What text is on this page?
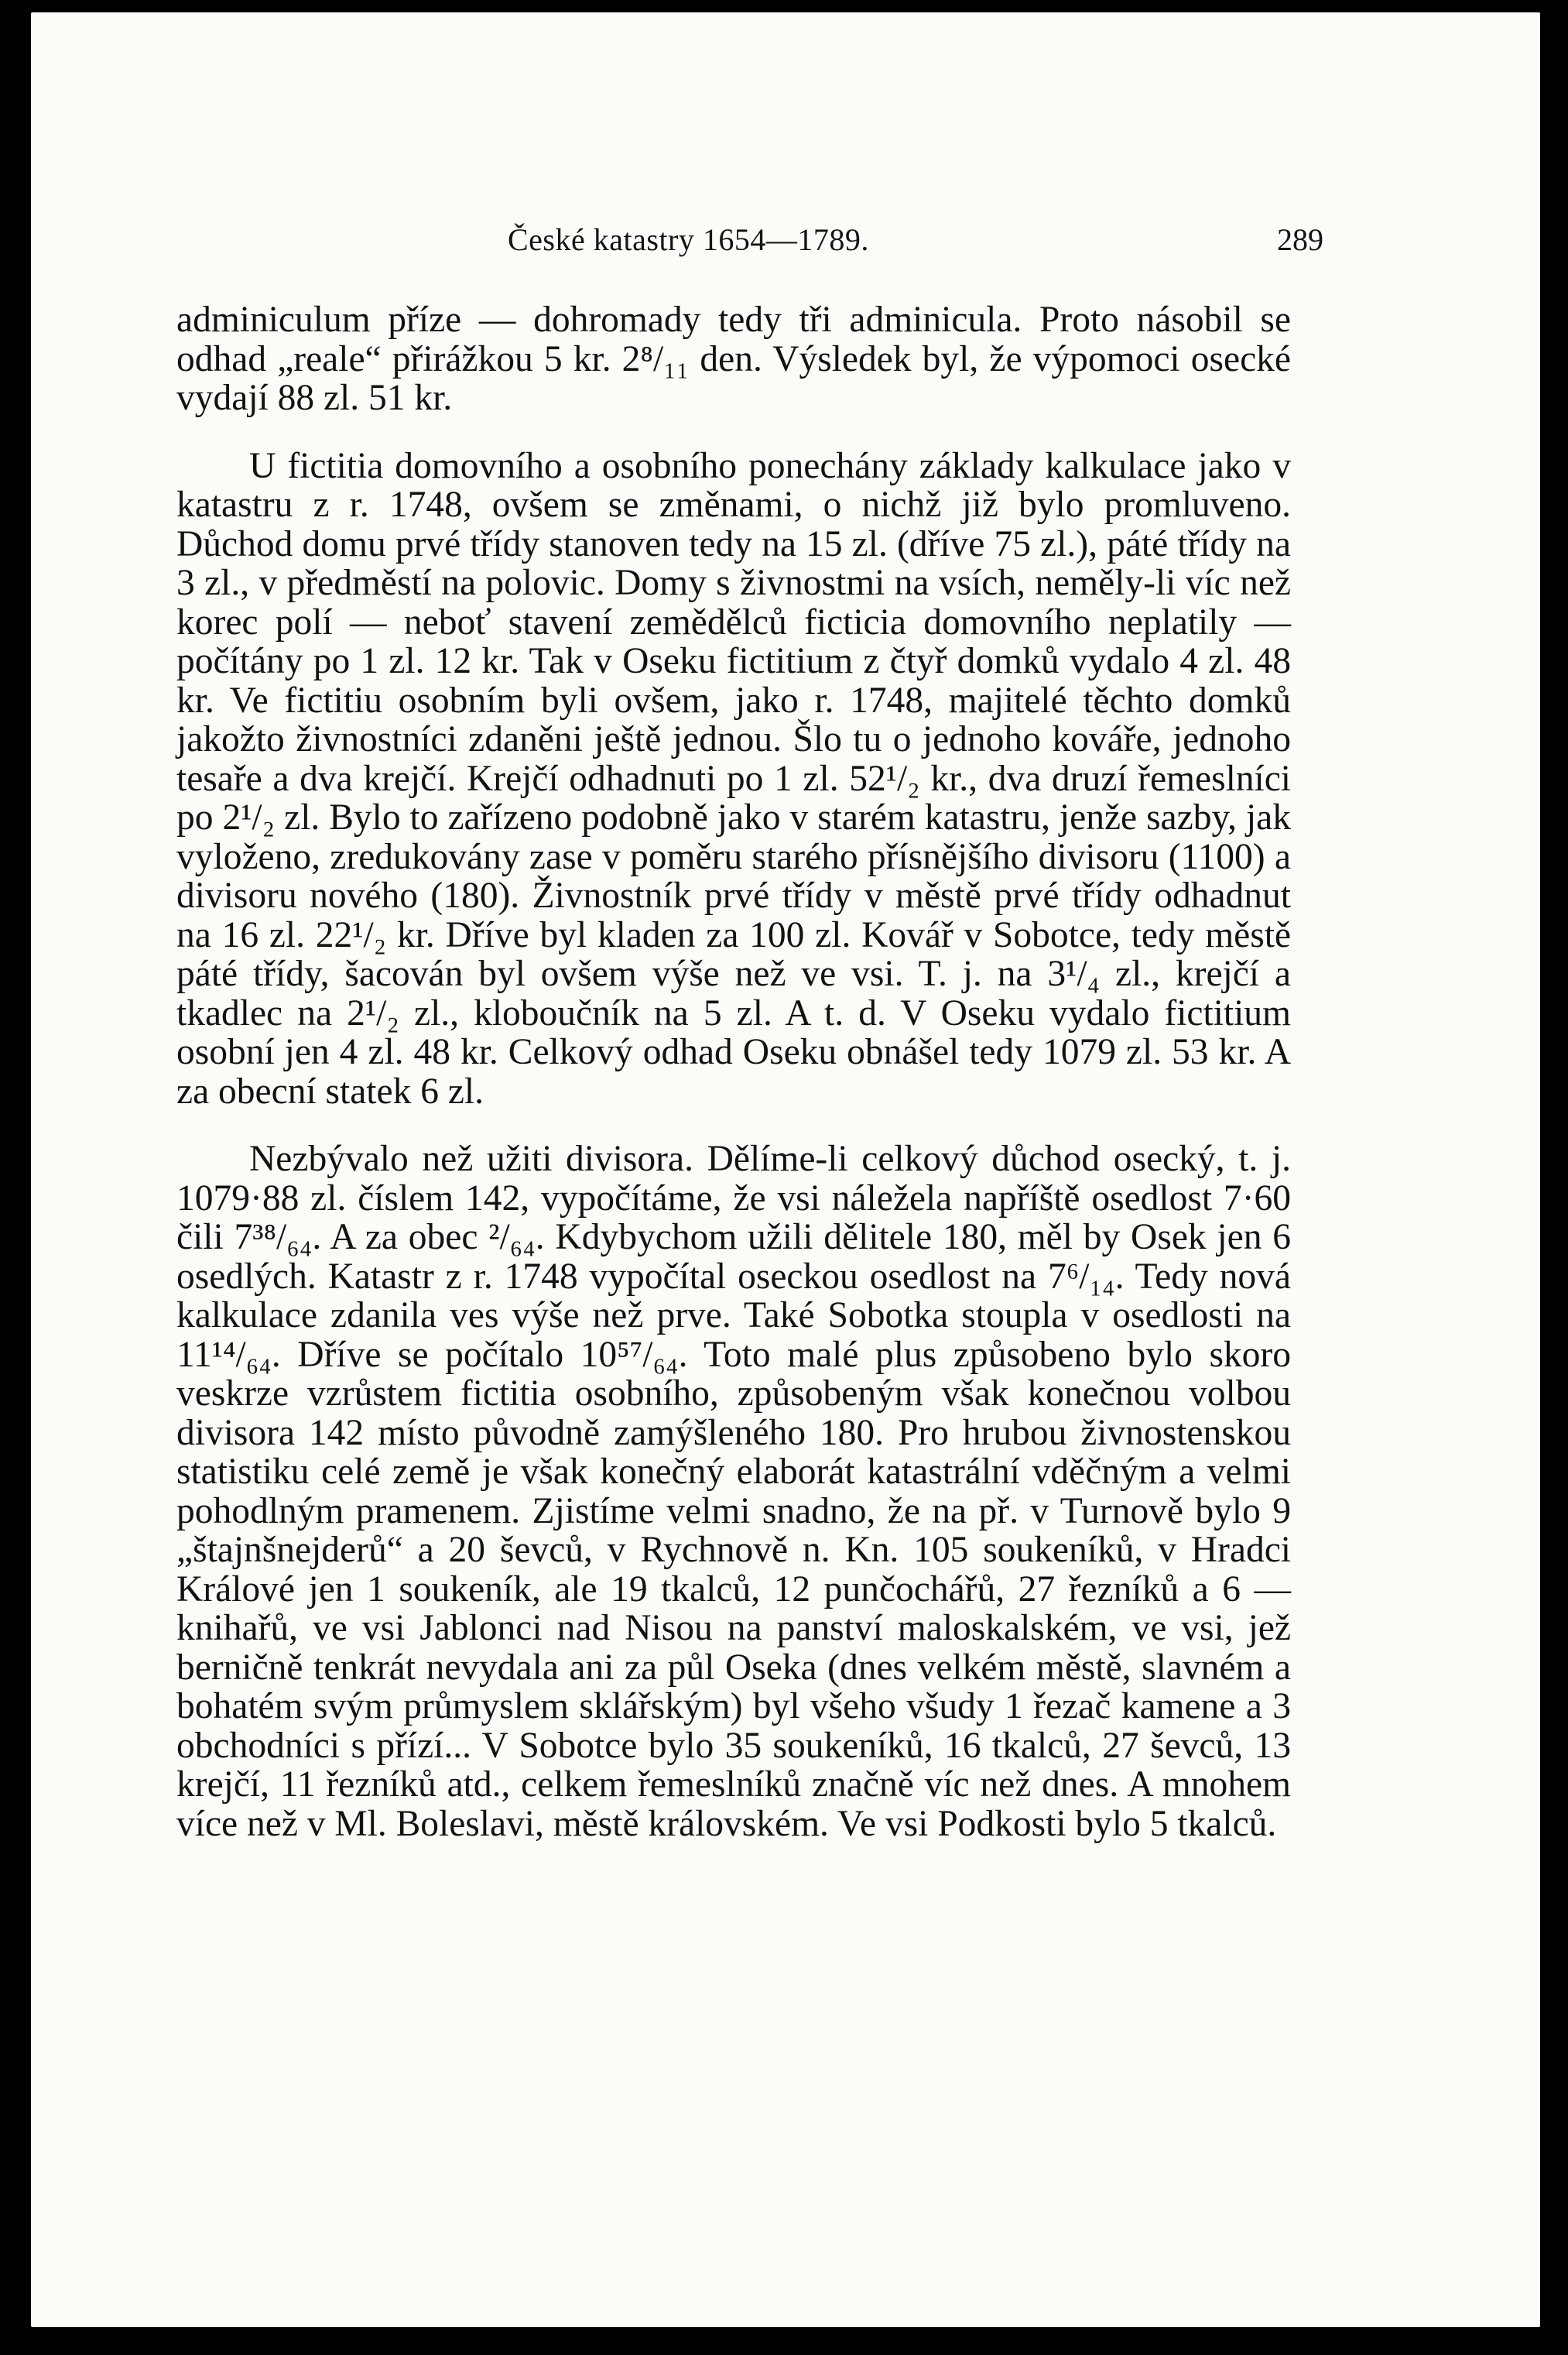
České katastry 1654—1789.	289

adminiculum příze — dohromady tedy tři adminicula. Proto násobil se odhad „reale“ přirážkou 5 kr. 2⁸/₁₁ den. Výsledek byl, že výpomoci osecké vydají 88 zl. 51 kr.

U fictitia domovního a osobního ponechány základy kalkulace jako v katastru z r. 1748, ovšem se změnami, o nichž již bylo promluveno. Důchod domu prvé třídy stanoven tedy na 15 zl. (dříve 75 zl.), páté třídy na 3 zl., v předměstí na polovic. Domy s živnostmi na vsích, neměly-li víc než korec polí — neboť stavení zemědělců ficticia domovního neplatily — počítány po 1 zl. 12 kr. Tak v Oseku fictitium z čtyř domků vydalo 4 zl. 48 kr. Ve fictitiu osobním byli ovšem, jako r. 1748, majitelé těchto domků jakožto živnostníci zdaněni ještě jednou. Šlo tu o jednoho kováře, jednoho tesaře a dva krejčí. Krejčí odhadnuti po 1 zl. 52¹/₂ kr., dva druzí řemeslníci po 2¹/₂ zl. Bylo to zařízeno podobně jako v starém katastru, jenže sazby, jak vyloženo, zredukovány zase v poměru starého přísnějšího divisoru (1100) a divisoru nového (180). Živnostník prvé třídy v městě prvé třídy odhadnut na 16 zl. 22¹/₂ kr. Dříve byl kladen za 100 zl. Kovář v Sobotce, tedy městě páté třídy, šacován byl ovšem výše než ve vsi. T. j. na 3¹/₄ zl., krejčí a tkadlec na 2¹/₂ zl., kloboučník na 5 zl. A t. d. V Oseku vydalo fictitium osobní jen 4 zl. 48 kr. Celkový odhad Oseku obnášel tedy 1079 zl. 53 kr. A za obecní statek 6 zl.

Nezbývalo než užiti divisora. Dělíme-li celkový důchod osecký, t. j. 1079·88 zl. číslem 142, vypočítáme, že vsi náležela napříště osedlost 7·60 čili 7³⁸/₆₄. A za obec ²/₆₄. Kdybychom užili dělitele 180, měl by Osek jen 6 osedlých. Katastr z r. 1748 vypočítal oseckou osedlost na 7⁶/₁₄. Tedy nová kalkulace zdanila ves výše než prve. Také Sobotka stoupla v osedlosti na 11¹⁴/₆₄. Dříve se počítalo 10⁵⁷/₆₄. Toto malé plus způsobeno bylo skoro veskrze vzrůstem fictitia osobního, způsobeným však konečnou volbou divisora 142 místo původně zamýšleného 180. Pro hrubou živnostenskou statistiku celé země je však konečný elaborát katastrální vděčným a velmi pohodlným pramenem. Zjistíme velmi snadno, že na př. v Turnově bylo 9 „štajnšnejderů“ a 20 ševců, v Rychnově n. Kn. 105 soukeníků, v Hradci Králové jen 1 soukeník, ale 19 tkalců, 12 punčochářů, 27 řezníků a 6 — knihařů, ve vsi Jablonci nad Nisou na panství maloskalském, ve vsi, jež berničně tenkrát nevydala ani za půl Oseka (dnes velkém městě, slavném a bohatém svým průmyslem sklářským) byl všeho všudy 1 řezač kamene a 3 obchodníci s přízí... V Sobotce bylo 35 soukeníků, 16 tkalců, 27 ševců, 13 krejčí, 11 řezníků atd., celkem řemeslníků značně víc než dnes. A mnohem více než v Ml. Boleslavi, městě královském. Ve vsi Podkosti bylo 5 tkalců.
